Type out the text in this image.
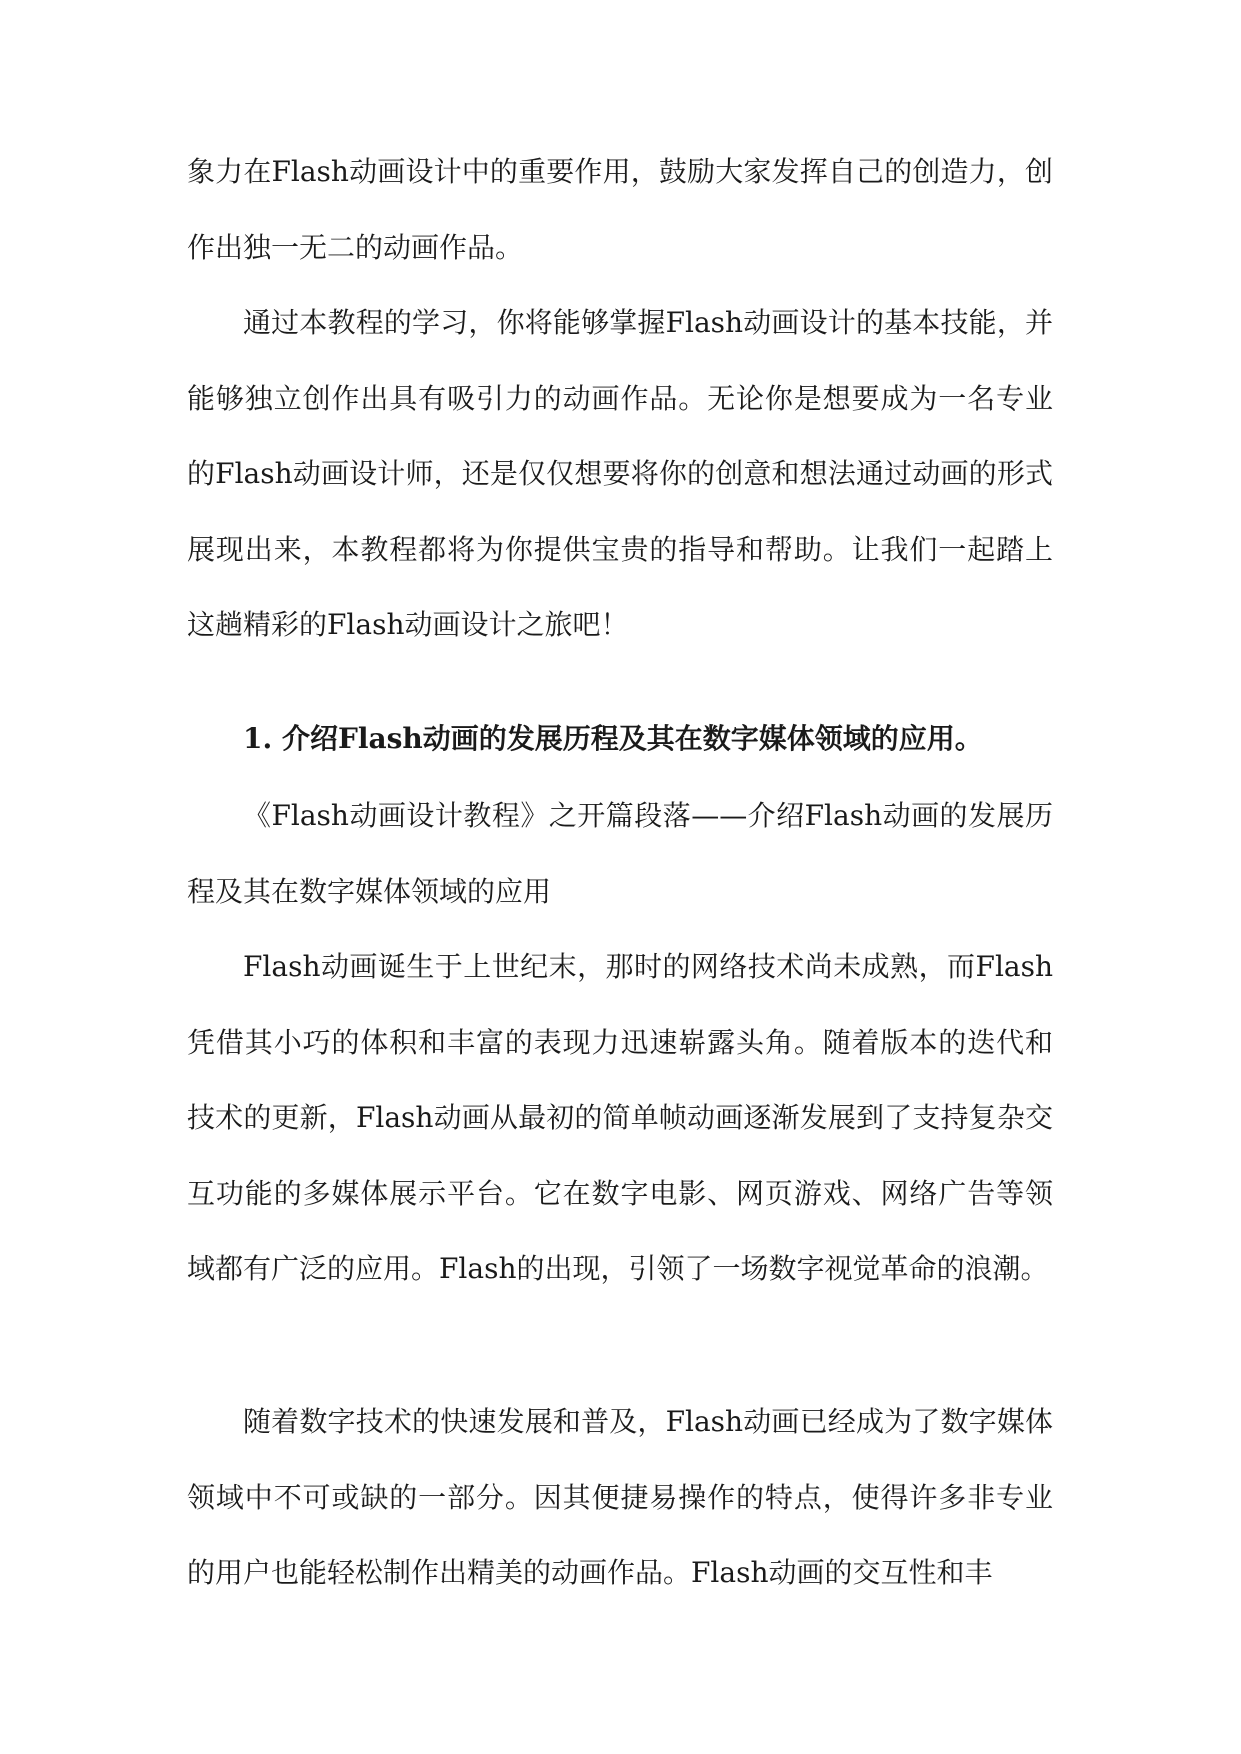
象力在Flash动画设计中的重要作用，鼓励大家发挥自己的创造力，创作出独一无二的动画作品。

通过本教程的学习，你将能够掌握Flash动画设计的基本技能，并能够独立创作出具有吸引力的动画作品。无论你是想要成为一名专业的Flash动画设计师，还是仅仅想要将你的创意和想法通过动画的形式展现出来，本教程都将为你提供宝贵的指导和帮助。让我们一起踏上这趟精彩的Flash动画设计之旅吧！

1. 介绍Flash动画的发展历程及其在数字媒体领域的应用。

《Flash动画设计教程》之开篇段落——介绍Flash动画的发展历程及其在数字媒体领域的应用

Flash动画诞生于上世纪末，那时的网络技术尚未成熟，而Flash凭借其小巧的体积和丰富的表现力迅速崭露头角。随着版本的迭代和技术的更新，Flash动画从最初的简单帧动画逐渐发展到了支持复杂交互功能的多媒体展示平台。它在数字电影、网页游戏、网络广告等领域都有广泛的应用。Flash的出现，引领了一场数字视觉革命的浪潮。

随着数字技术的快速发展和普及，Flash动画已经成为了数字媒体领域中不可或缺的一部分。因其便捷易操作的特点，使得许多非专业的用户也能轻松制作出精美的动画作品。Flash动画的交互性和丰
